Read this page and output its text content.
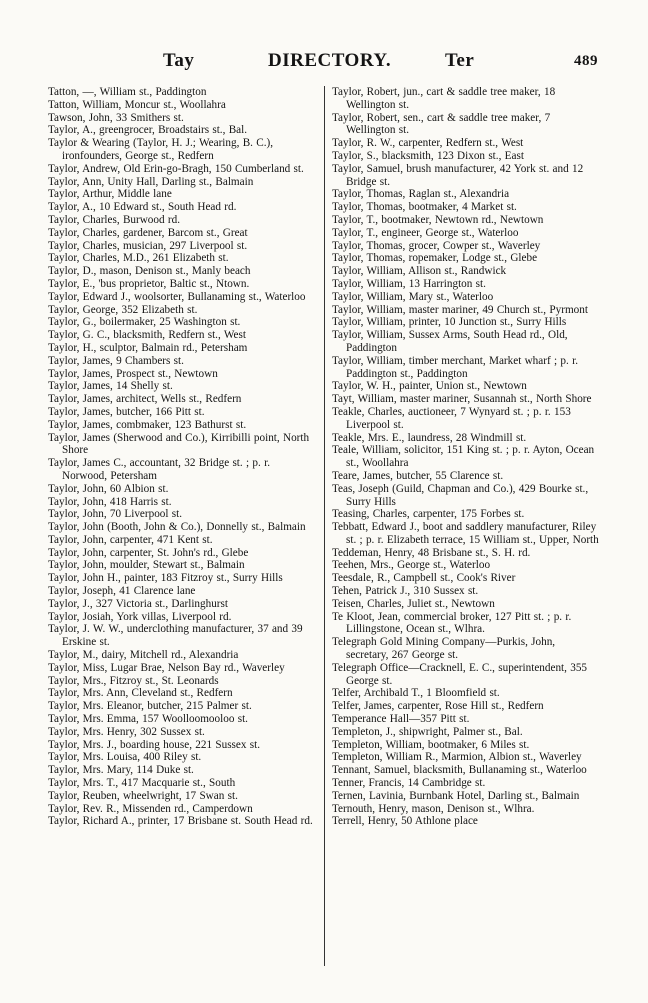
Tay	DIRECTORY.	Ter	489
Tatton, —, William st., Paddington
Tatton, William, Moncur st., Woollahra
Tawson, John, 33 Smithers st.
Taylor, A., greengrocer, Broadstairs st., Bal.
Taylor & Wearing (Taylor, H. J.; Wearing, B. C.), ironfounders, George st., Redfern
Taylor, Andrew, Old Erin-go-Bragh, 150 Cumberland st.
Taylor, Ann, Unity Hall, Darling st., Balmain
Taylor, Arthur, Middle lane
Taylor, A., 10 Edward st., South Head rd.
Taylor, Charles, Burwood rd.
Taylor, Charles, gardener, Barcom st., Great
Taylor, Charles, musician, 297 Liverpool st.
Taylor, Charles, M.D., 261 Elizabeth st.
Taylor, D., mason, Denison st., Manly beach
Taylor, E., 'bus proprietor, Baltic st., Ntown.
Taylor, Edward J., woolsorter, Bullanaming st., Waterloo
Taylor, George, 352 Elizabeth st.
Taylor, G., boilermaker, 25 Washington st.
Taylor, G. C., blacksmith, Redfern st., West
Taylor, H., sculptor, Balmain rd., Petersham
Taylor, James, 9 Chambers st.
Taylor, James, Prospect st., Newtown
Taylor, James, 14 Shelly st.
Taylor, James, architect, Wells st., Redfern
Taylor, James, butcher, 166 Pitt st.
Taylor, James, combmaker, 123 Bathurst st.
Taylor, James (Sherwood and Co.), Kirribilli point, North Shore
Taylor, James C., accountant, 32 Bridge st. ; p. r. Norwood, Petersham
Taylor, John, 60 Albion st.
Taylor, John, 418 Harris st.
Taylor, John, 70 Liverpool st.
Taylor, John (Booth, John & Co.), Donnelly st., Balmain
Taylor, John, carpenter, 471 Kent st.
Taylor, John, carpenter, St. John's rd., Glebe
Taylor, John, moulder, Stewart st., Balmain
Taylor, John H., painter, 183 Fitzroy st., Surry Hills
Taylor, Joseph, 41 Clarence lane
Taylor, J., 327 Victoria st., Darlinghurst
Taylor, Josiah, York villas, Liverpool rd.
Taylor, J. W. W., underclothing manufacturer, 37 and 39 Erskine st.
Taylor, M., dairy, Mitchell rd., Alexandria
Taylor, Miss, Lugar Brae, Nelson Bay rd., Waverley
Taylor, Mrs., Fitzroy st., St. Leonards
Taylor, Mrs. Ann, Cleveland st., Redfern
Taylor, Mrs. Eleanor, butcher, 215 Palmer st.
Taylor, Mrs. Emma, 157 Woolloomooloo st.
Taylor, Mrs. Henry, 302 Sussex st.
Taylor, Mrs. J., boarding house, 221 Sussex st.
Taylor, Mrs. Louisa, 400 Riley st.
Taylor, Mrs. Mary, 114 Duke st.
Taylor, Mrs. T., 417 Macquarie st., South
Taylor, Reuben, wheelwright, 17 Swan st.
Taylor, Rev. R., Missenden rd., Camperdown
Taylor, Richard A., printer, 17 Brisbane st. South Head rd.
Taylor, Robert, jun., cart & saddle tree maker, 18 Wellington st.
Taylor, Robert, sen., cart & saddle tree maker, 7 Wellington st.
Taylor, R. W., carpenter, Redfern st., West
Taylor, S., blacksmith, 123 Dixon st., East
Taylor, Samuel, brush manufacturer, 42 York st. and 12 Bridge st.
Taylor, Thomas, Raglan st., Alexandria
Taylor, Thomas, bootmaker, 4 Market st.
Taylor, T., bootmaker, Newtown rd., Newtown
Taylor, T., engineer, George st., Waterloo
Taylor, Thomas, grocer, Cowper st., Waverley
Taylor, Thomas, ropemaker, Lodge st., Glebe
Taylor, William, Allison st., Randwick
Taylor, William, 13 Harrington st.
Taylor, William, Mary st., Waterloo
Taylor, William, master mariner, 49 Church st., Pyrmont
Taylor, William, printer, 10 Junction st., Surry Hills
Taylor, William, Sussex Arms, South Head rd., Old, Paddington
Taylor, William, timber merchant, Market wharf ; p. r. Paddington st., Paddington
Taylor, W. H., painter, Union st., Newtown
Tayt, William, master mariner, Susannah st., North Shore
Teakle, Charles, auctioneer, 7 Wynyard st. ; p. r. 153 Liverpool st.
Teakle, Mrs. E., laundress, 28 Windmill st.
Teale, William, solicitor, 151 King st. ; p. r. Ayton, Ocean st., Woollahra
Teare, James, butcher, 55 Clarence st.
Teas, Joseph (Guild, Chapman and Co.), 429 Bourke st., Surry Hills
Teasing, Charles, carpenter, 175 Forbes st.
Tebbatt, Edward J., boot and saddlery manufacturer, Riley st. ; p. r. Elizabeth terrace, 15 William st., Upper, North
Teddeman, Henry, 48 Brisbane st., S. H. rd.
Teehen, Mrs., George st., Waterloo
Teesdale, R., Campbell st., Cook's River
Tehen, Patrick J., 310 Sussex st.
Teisen, Charles, Juliet st., Newtown
Te Kloot, Jean, commercial broker, 127 Pitt st. ; p. r. Lillingstone, Ocean st., Wlhra.
Telegraph Gold Mining Company—Purkis, John, secretary, 267 George st.
Telegraph Office—Cracknell, E. C., superintendent, 355 George st.
Telfer, Archibald T., 1 Bloomfield st.
Telfer, James, carpenter, Rose Hill st., Redfern
Temperance Hall—357 Pitt st.
Templeton, J., shipwright, Palmer st., Bal.
Templeton, William, bootmaker, 6 Miles st.
Templeton, William R., Marmion, Albion st., Waverley
Tennant, Samuel, blacksmith, Bullanaming st., Waterloo
Tenner, Francis, 14 Cambridge st.
Ternen, Lavinia, Burnbank Hotel, Darling st., Balmain
Ternouth, Henry, mason, Denison st., Wlhra.
Terrell, Henry, 50 Athlone place
